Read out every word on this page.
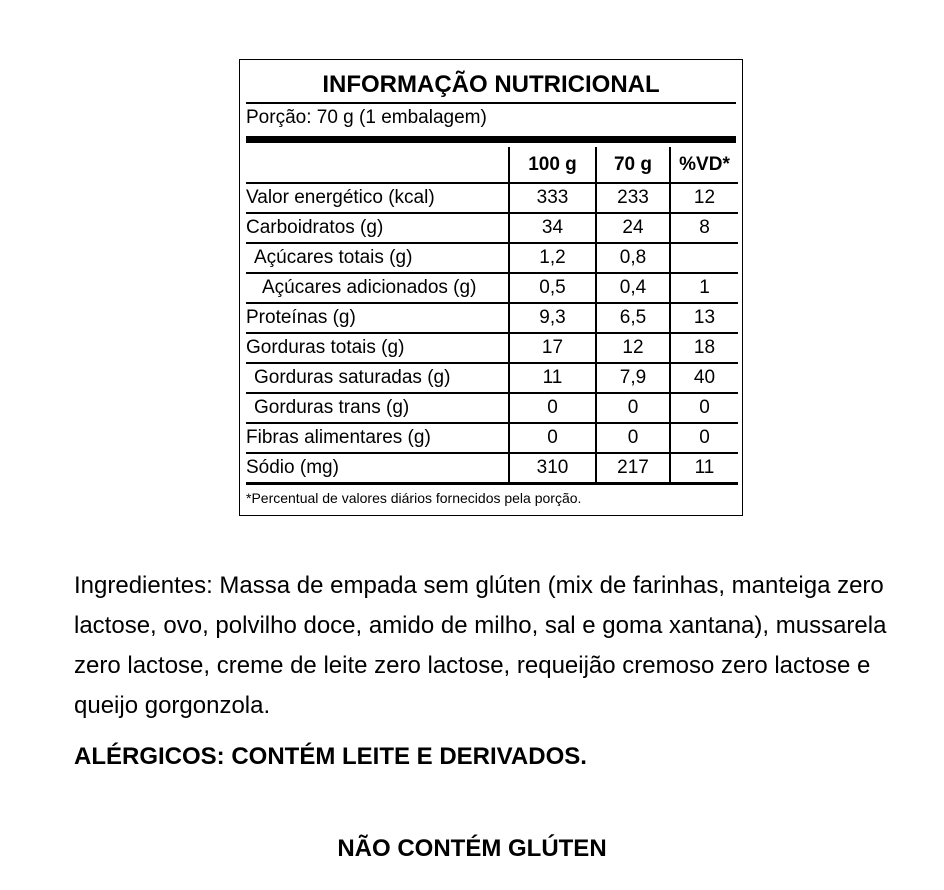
INFORMAÇÃO NUTRICIONAL
Porção: 70 g (1 embalagem)
	100 g	70 g	%VD*
Valor energético (kcal)	333	233	12
Carboidratos (g)	34	24	8
Açúcares totais (g)	1,2	0,8	
Açúcares adicionados (g)	0,5	0,4	1
Proteínas (g)	9,3	6,5	13
Gorduras totais (g)	17	12	18
Gorduras saturadas (g)	11	7,9	40
Gorduras trans (g)	0	0	0
Fibras alimentares (g)	0	0	0
Sódio (mg)	310	217	11
*Percentual de valores diários fornecidos pela porção.
Ingredientes: Massa de empada sem glúten (mix de farinhas, manteiga zero lactose, ovo, polvilho doce, amido de milho, sal e goma xantana), mussarela zero lactose, creme de leite zero lactose, requeijão cremoso zero lactose e queijo gorgonzola.
ALÉRGICOS: CONTÉM LEITE E DERIVADOS.
NÃO CONTÉM GLÚTEN
